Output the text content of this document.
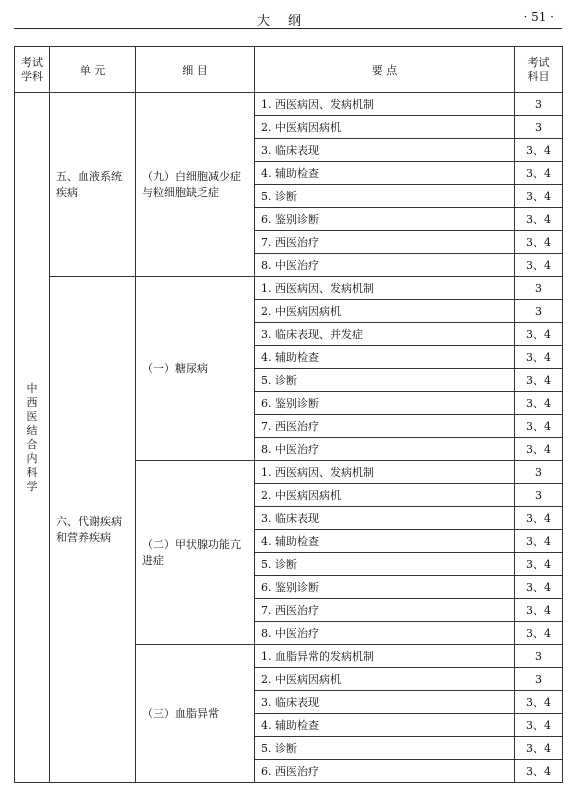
大纲	· 51 ·
考试学科	单 元	细 目	要 点	考试科目
中西医结合内科学	五、血液系统疾病	（九）白细胞减少症与粒细胞缺乏症	1. 西医病因、发病机制	3
			2. 中医病因病机	3
			3. 临床表现	3、4
			4. 辅助检查	3、4
			5. 诊断	3、4
			6. 鉴别诊断	3、4
			7. 西医治疗	3、4
			8. 中医治疗	3、4
	六、代谢疾病和营养疾病	（一）糖尿病	1. 西医病因、发病机制	3
			2. 中医病因病机	3
			3. 临床表现、并发症	3、4
			4. 辅助检查	3、4
			5. 诊断	3、4
			6. 鉴别诊断	3、4
			7. 西医治疗	3、4
			8. 中医治疗	3、4
		（二）甲状腺功能亢进症	1. 西医病因、发病机制	3
			2. 中医病因病机	3
			3. 临床表现	3、4
			4. 辅助检查	3、4
			5. 诊断	3、4
			6. 鉴别诊断	3、4
			7. 西医治疗	3、4
			8. 中医治疗	3、4
		（三）血脂异常	1. 血脂异常的发病机制	3
			2. 中医病因病机	3
			3. 临床表现	3、4
			4. 辅助检查	3、4
			5. 诊断	3、4
			6. 西医治疗	3、4
